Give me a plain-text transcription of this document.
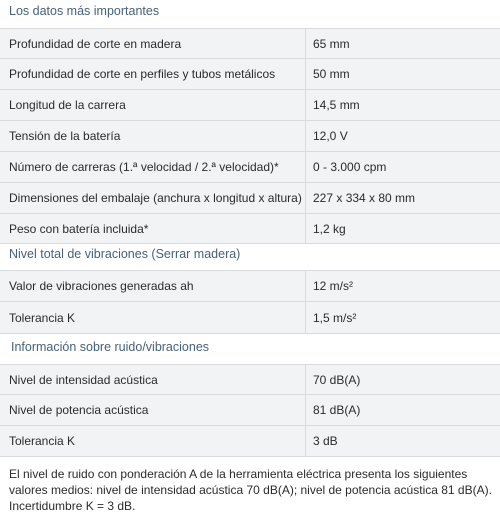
Los datos más importantes
Profundidad de corte en madera	65 mm
Profundidad de corte en perfiles y tubos metálicos	50 mm
Longitud de la carrera	14,5 mm
Tensión de la batería	12,0 V
Número de carreras (1.ª velocidad / 2.ª velocidad)*	0 - 3.000 cpm
Dimensiones del embalaje (anchura x longitud x altura) 227 x 334 x 80 mm
Peso con batería incluida*	1,2 kg
Nivel total de vibraciones (Serrar madera)
Valor de vibraciones generadas ah	12 m/s²
Tolerancia K	1,5 m/s²
Información sobre ruido/vibraciones
Nivel de intensidad acústica	70 dB(A)
Nivel de potencia acústica	81 dB(A)
Tolerancia K	3 dB
El nivel de ruido con ponderación A de la herramienta eléctrica presenta los siguientes valores medios: nivel de intensidad acústica 70 dB(A); nivel de potencia acústica 81 dB(A). Incertidumbre K = 3 dB.
